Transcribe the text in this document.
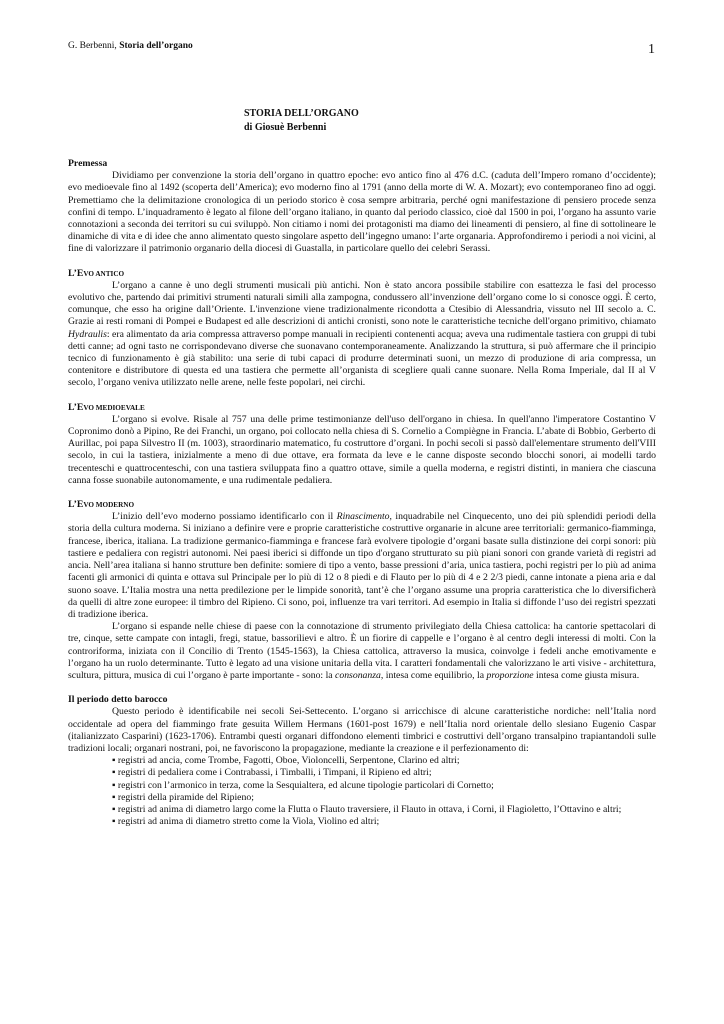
G. Berbenni, Storia dell’organo	1
STORIA DELL’ORGANO
di Giosuè Berbenni
Premessa

Dividiamo per convenzione la storia dell’organo in quattro epoche: evo antico fino al 476 d.C. (caduta dell’Impero romano d’occidente); evo medioevale fino al 1492 (scoperta dell’America); evo moderno fino al 1791 (anno della morte di W. A. Mozart); evo contemporaneo fino ad oggi. Premettiamo che la delimitazione cronologica di un periodo storico è cosa sempre arbitraria, perché ogni manifestazione di pensiero procede senza confini di tempo. L’inquadramento è legato al filone dell’organo italiano, in quanto dal periodo classico, cioè dal 1500 in poi, l’organo ha assunto varie connotazioni a seconda dei territori su cui sviluppò. Non citiamo i nomi dei protagonisti ma diamo dei lineamenti di pensiero, al fine di sottolineare le dinamiche di vita e di idee che anno alimentato questo singolare aspetto dell’ingegno umano: l’arte organaria. Approfondiremo i periodi a noi vicini, al fine di valorizzare il patrimonio organario della diocesi di Guastalla, in particolare quello dei celebri Serassi.

L’EVO ANTICO

L’organo a canne è uno degli strumenti musicali più antichi. Non è stato ancora possibile stabilire con esattezza le fasi del processo evolutivo che, partendo dai primitivi strumenti naturali simili alla zampogna, condussero all’invenzione dell’organo come lo si conosce oggi. È certo, comunque, che esso ha origine dall’Oriente. L'invenzione viene tradizionalmente ricondotta a Ctesibio di Alessandria, vissuto nel III secolo a. C. Grazie ai resti romani di Pompei e Budapest ed alle descrizioni di antichi cronisti, sono note le caratteristiche tecniche dell'organo primitivo, chiamato Hydraulis: era alimentato da aria compressa attraverso pompe manuali in recipienti contenenti acqua; aveva una rudimentale tastiera con gruppi di tubi detti canne; ad ogni tasto ne corrispondevano diverse che suonavano contemporaneamente. Analizzando la struttura, si può affermare che il principio tecnico di funzionamento è già stabilito: una serie di tubi capaci di produrre determinati suoni, un mezzo di produzione di aria compressa, un contenitore e distributore di questa ed una tastiera che permette all’organista di scegliere quali canne suonare. Nella Roma Imperiale, dal II al V secolo, l’organo veniva utilizzato nelle arene, nelle feste popolari, nei circhi.

L’EVO MEDIOEVALE

L’organo si evolve. Risale al 757 una delle prime testimonianze dell'uso dell'organo in chiesa. In quell'anno l'imperatore Costantino V Copronimo donò a Pipino, Re dei Franchi, un organo, poi collocato nella chiesa di S. Cornelio a Compiègne in Francia. L’abate di Bobbio, Gerberto di Aurillac, poi papa Silvestro II (m. 1003), straordinario matematico, fu costruttore d’organi. In pochi secoli si passò dall'elementare strumento dell'VIII secolo, in cui la tastiera, inizialmente a meno di due ottave, era formata da leve e le canne disposte secondo blocchi sonori, ai modelli tardo trecenteschi e quattrocenteschi, con una tastiera sviluppata fino a quattro ottave, simile a quella moderna, e registri distinti, in maniera che ciascuna canna fosse suonabile autonomamente, e una rudimentale pedaliera.

L’EVO MODERNO

L’inizio dell’evo moderno possiamo identificarlo con il Rinascimento, inquadrabile nel Cinquecento, uno dei più splendidi periodi della storia della cultura moderna. Si iniziano a definire vere e proprie caratteristiche costruttive organarie in alcune aree territoriali: germanico-fiamminga, francese, iberica, italiana. La tradizione germanico-fiamminga e francese farà evolvere tipologie d’organi basate sulla distinzione dei corpi sonori: più tastiere e pedaliera con registri autonomi. Nei paesi iberici si diffonde un tipo d'organo strutturato su più piani sonori con grande varietà di registri ad ancia. Nell’area italiana si hanno strutture ben definite: somiere di tipo a vento, basse pressioni d’aria, unica tastiera, pochi registri per lo più ad anima facenti gli armonici di quinta e ottava sul Principale per lo più di 12 o 8 piedi e di Flauto per lo più di 4 e 2 2/3 piedi, canne intonate a piena aria e dal suono soave. L’Italia mostra una netta predilezione per le limpide sonorità, tant’è che l’organo assume una propria caratteristica che lo diversificherà da quelli di altre zone europee: il timbro del Ripieno. Ci sono, poi, influenze tra vari territori. Ad esempio in Italia si diffonde l’uso dei registri spezzati di tradizione iberica.

L’organo si espande nelle chiese di paese con la connotazione di strumento privilegiato della Chiesa cattolica: ha cantorie spettacolari di tre, cinque, sette campate con intagli, fregi, statue, bassorilievi e altro. È un fiorire di cappelle e l’organo è al centro degli interessi di molti. Con la controriforma, iniziata con il Concilio di Trento (1545-1563), la Chiesa cattolica, attraverso la musica, coinvolge i fedeli anche emotivamente e l’organo ha un ruolo determinante. Tutto è legato ad una visione unitaria della vita. I caratteri fondamentali che valorizzano le arti visive - architettura, scultura, pittura, musica di cui l’organo è parte importante - sono: la consonanza, intesa come equilibrio, la proporzione intesa come giusta misura.

Il periodo detto barocco

Questo periodo è identificabile nei secoli Sei-Settecento. L’organo si arricchisce di alcune caratteristiche nordiche: nell’Italia nord occidentale ad opera del fiammingo frate gesuita Willem Hermans (1601-post 1679) e nell’Italia nord orientale dello slesiano Eugenio Caspar (italianizzato Casparini) (1623-1706). Entrambi questi organari diffondono elementi timbrici e costruttivi dell’organo transalpino trapiantandoli sulle tradizioni locali; organari nostrani, poi, ne favoriscono la propagazione, mediante la creazione e il perfezionamento di:

▪ registri ad ancia, come Trombe, Fagotti, Oboe, Violoncelli, Serpentone, Clarino ed altri;
▪ registri di pedaliera come i Contrabassi, i Timballi, i Timpani, il Ripieno ed altri;
▪ registri con l’armonico in terza, come la Sesquialtera, ed alcune tipologie particolari di Cornetto;
▪ registri della piramide del Ripieno;
▪ registri ad anima di diametro largo come la Flutta o Flauto traversiere, il Flauto in ottava, i Corni, il Flagioletto, l’Ottavino e altri;
▪ registri ad anima di diametro stretto come la Viola, Violino ed altri;
